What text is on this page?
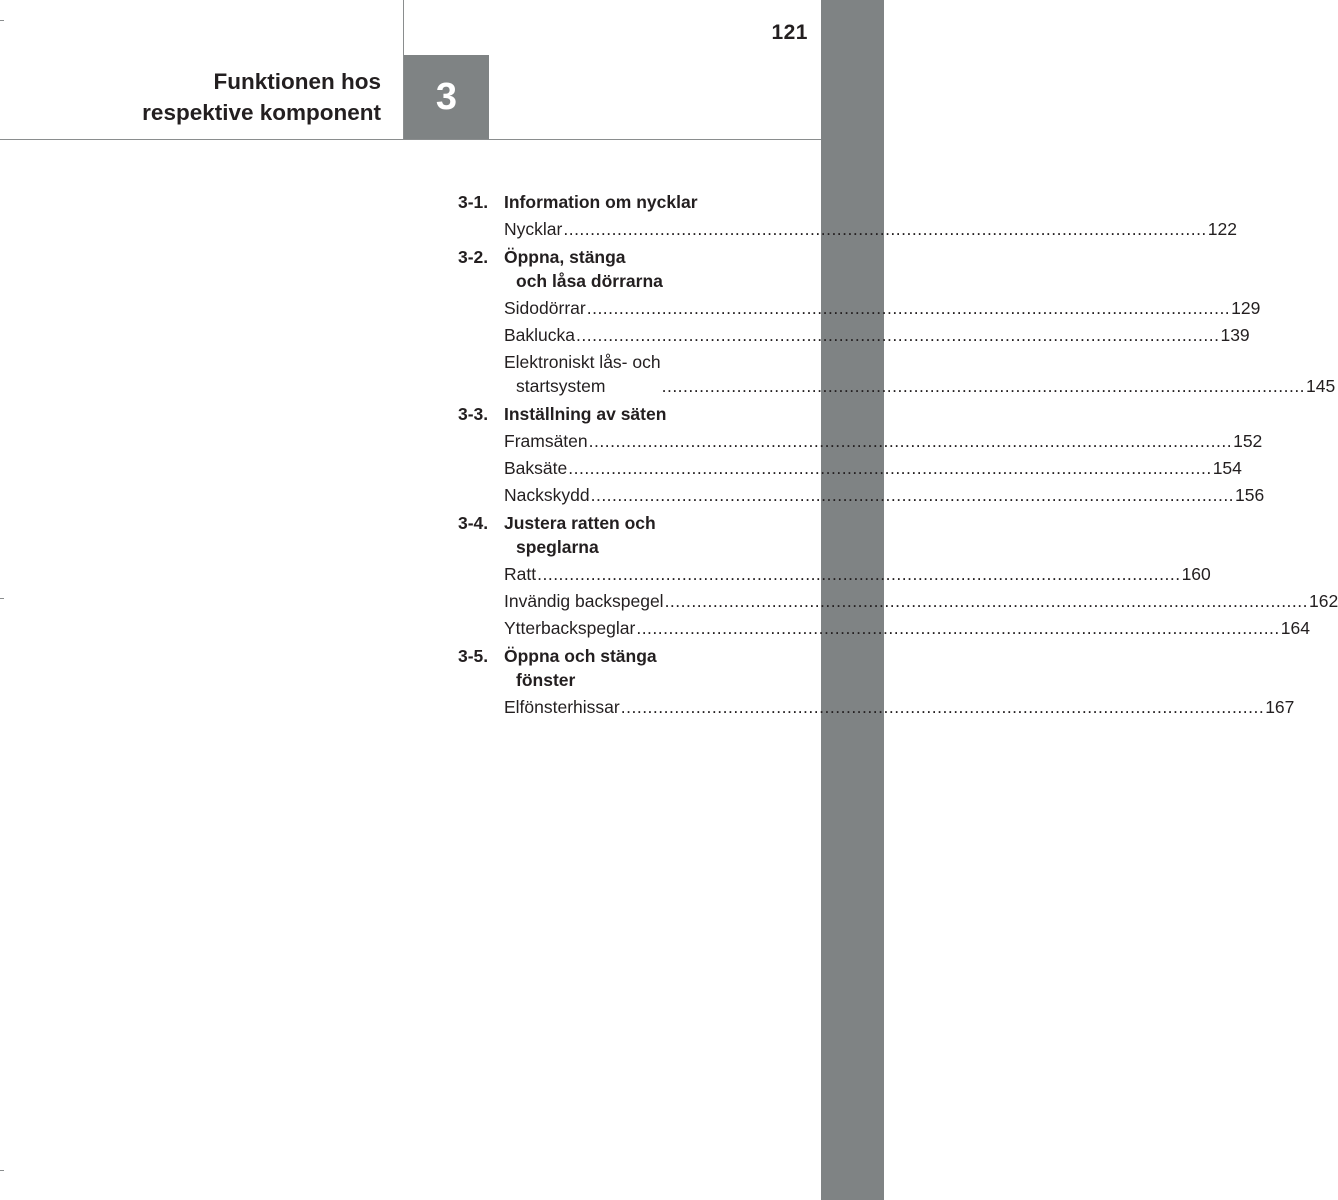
121
Funktionen hos
respektive komponent 3
3-1. Information om nycklar
Nycklar ........................................................................................................................ 122
3-2. Öppna, stänga
och låsa dörrarna
Sidodörrar ........................................................................................................................ 129
Baklucka ........................................................................................................................ 139
Elektroniskt lås- och
startsystem	........................................................................................................................ 145
3-3. Inställning av säten
Framsäten ........................................................................................................................ 152
Baksäte ........................................................................................................................ 154
Nackskydd ........................................................................................................................ 156
3-4. Justera ratten och
speglarna
Ratt ........................................................................................................................ 160
Invändig backspegel ........................................................................................................................ 162
Ytterbackspeglar ........................................................................................................................ 164
3-5. Öppna och stänga
fönster
Elfönsterhissar ........................................................................................................................ 167
